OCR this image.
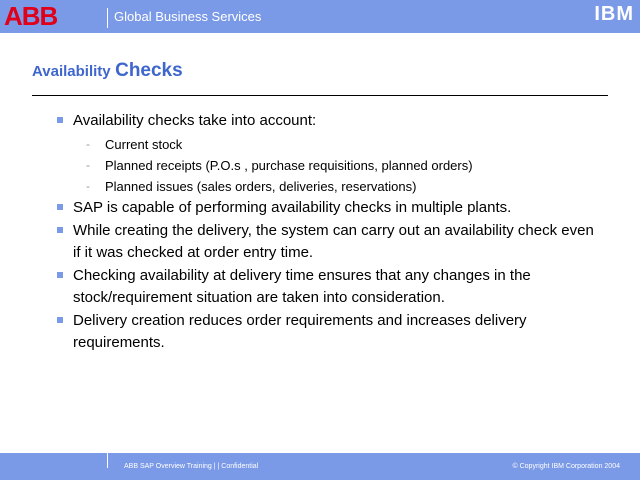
ABB	Global Business Services	IBM
Availability Checks
Availability checks take into account:
- Current stock
- Planned receipts (P.O.s , purchase requisitions, planned orders)
- Planned issues (sales orders, deliveries, reservations)
SAP is capable of performing availability checks in multiple plants.
While creating the delivery, the system can carry out an availability check even if it was checked at order entry time.
Checking availability at delivery time ensures that any changes in the stock/requirement situation are taken into consideration.
Delivery creation reduces order requirements and increases delivery requirements.
ABB SAP Overview Training | | Confidential	© Copyright IBM Corporation 2004
